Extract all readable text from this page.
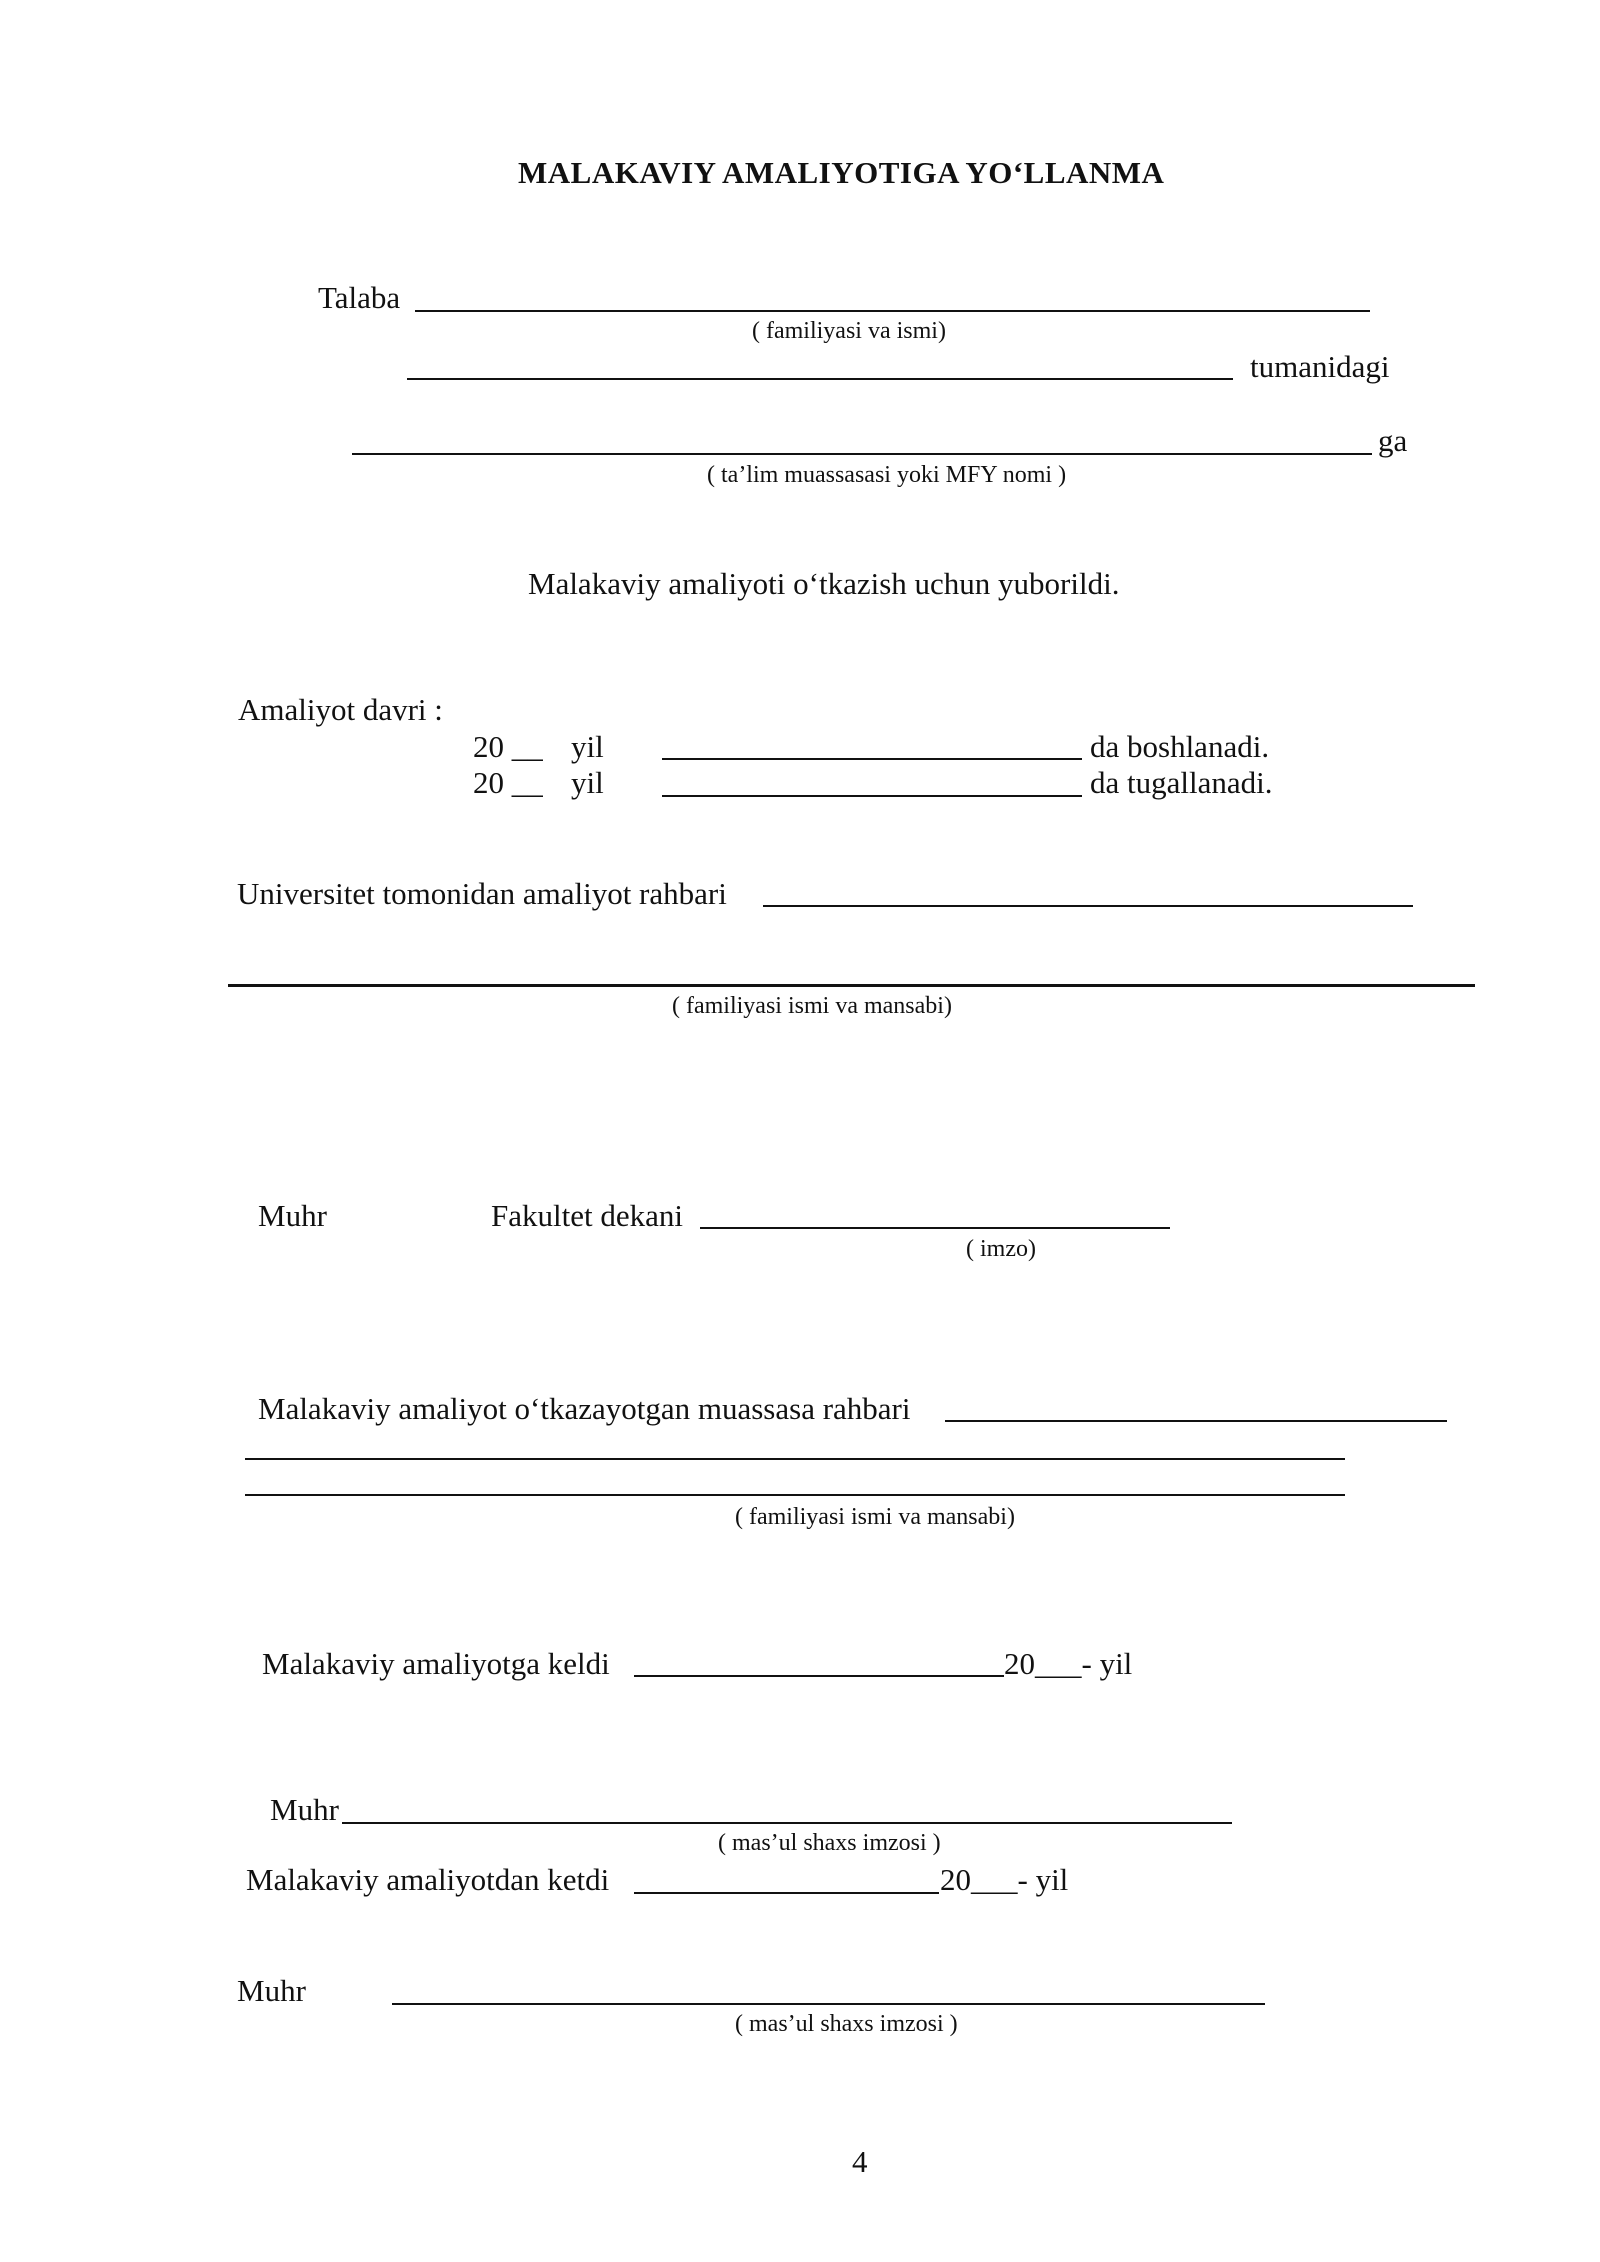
MALAKAVIY AMALIYOTIGA YO‘LLANMA
Talaba
( familiyasi va ismi)
tumanidagi
ga
( ta’lim muassasasi yoki MFY nomi )
Malakaviy amaliyoti o‘tkazish uchun yuborildi.
Amaliyot davri :
20 __ yil	da boshlanadi.
20 __ yil	da tugallanadi.
Universitet tomonidan amaliyot rahbari
( familiyasi ismi va mansabi)
Muhr	Fakultet dekani
( imzo)
Malakaviy amaliyot o‘tkazayotgan muassasa rahbari
( familiyasi ismi va mansabi)
Malakaviy amaliyotga keldi	20___- yil
Muhr
( mas’ul shaxs imzosi )
Malakaviy amaliyotdan ketdi	20___- yil
Muhr
( mas’ul shaxs imzosi )
4
